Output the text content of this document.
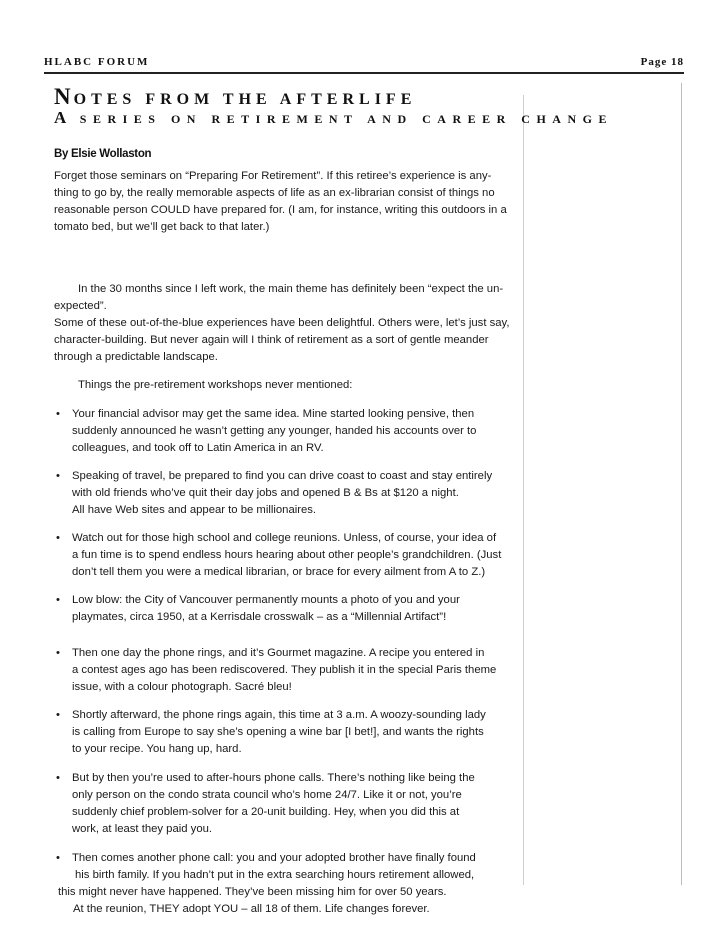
HLABC FORUM	Page 18
NOTES FROM THE AFTERLIFE
A SERIES ON RETIREMENT AND CAREER CHANGE
By Elsie Wollaston
Forget those seminars on “Preparing For Retirement”. If this retiree’s experience is any-
thing to go by, the really memorable aspects of life as an ex-librarian consist of things no
reasonable person COULD have prepared for. (I am, for instance, writing this outdoors in a
tomato bed, but we’ll get back to that later.)
In the 30 months since I left work, the main theme has definitely been “expect the un-
expected”.
Some of these out-of-the-blue experiences have been delightful. Others were, let’s just say,
character-building. But never again will I think of retirement as a sort of gentle meander
through a predictable landscape.
Things the pre-retirement workshops never mentioned:
•	Your financial advisor may get the same idea. Mine started looking pensive, then
suddenly announced he wasn’t getting any younger, handed his accounts over to
colleagues, and took off to Latin America in an RV.
•	Speaking of travel, be prepared to find you can drive coast to coast and stay entirely
with old friends who’ve quit their day jobs and opened B & Bs at $120 a night.
All have Web sites and appear to be millionaires.
•	Watch out for those high school and college reunions. Unless, of course, your idea of
a fun time is to spend endless hours hearing about other people’s grandchildren. (Just
don’t tell them you were a medical librarian, or brace for every ailment from A to Z.)
•	Low blow: the City of Vancouver permanently mounts a photo of you and your
playmates, circa 1950, at a Kerrisdale crosswalk – as a “Millennial Artifact”!
•	Then one day the phone rings, and it’s Gourmet magazine. A recipe you entered in
a contest ages ago has been rediscovered. They publish it in the special Paris theme
issue, with a colour photograph. Sacré bleu!
•	Shortly afterward, the phone rings again, this time at 3 a.m. A woozy-sounding lady
is calling from Europe to say she’s opening a wine bar [I bet!], and wants the rights
to your recipe. You hang up, hard.
•	But by then you’re used to after-hours phone calls. There’s nothing like being the
only person on the condo strata council who’s home 24/7. Like it or not, you’re
suddenly chief problem-solver for a 20-unit building. Hey, when you did this at
work, at least they paid you.
•	Then comes another phone call: you and your adopted brother have finally found
his birth family. If you hadn’t put in the extra searching hours retirement allowed,
this might never have happened. They’ve been missing him for over 50 years.
At the reunion, THEY adopt YOU – all 18 of them. Life changes forever.
